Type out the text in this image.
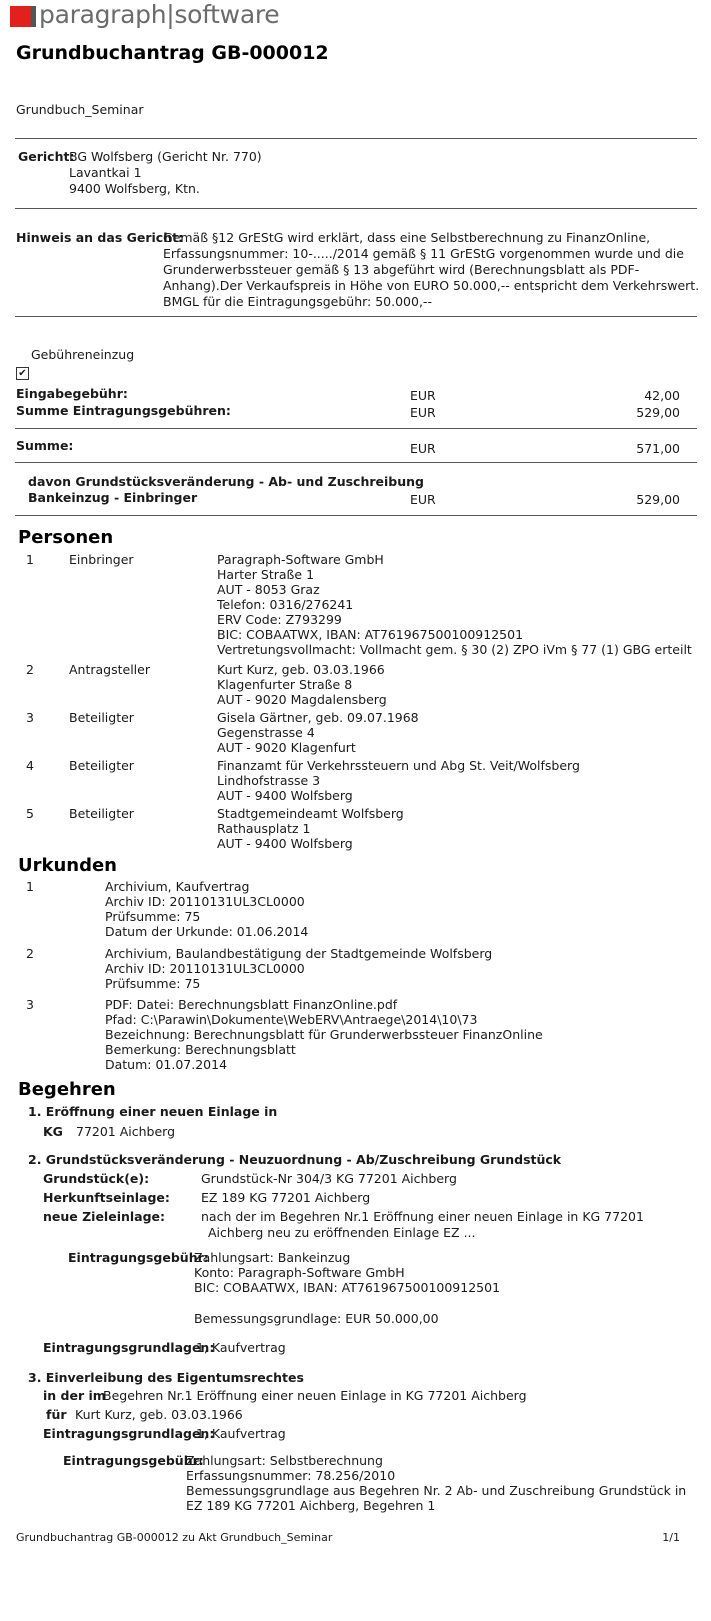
paragraph|software
Grundbuchantrag GB-000012
Grundbuch_Seminar
Gericht:
BG Wolfsberg (Gericht Nr. 770)
Lavantkai 1
9400 Wolfsberg, Ktn.
Hinweis an das Gericht:
Gemäß §12 GrEStG wird erklärt, dass eine Selbstberechnung zu FinanzOnline,
Erfassungsnummer: 10-...../2014 gemäß § 11 GrEStG vorgenommen wurde und die
Grunderwerbssteuer gemäß § 13 abgeführt wird (Berechnungsblatt als PDF-
Anhang).Der Verkaufspreis in Höhe von EURO 50.000,-- entspricht dem Verkehrswert.
BMGL für die Eintragungsgebühr: 50.000,--
✔
Gebühreneinzug
Eingabegebühr:	EUR	42,00
Summe Eintragungsgebühren:	EUR	529,00
Summe:	EUR	571,00
davon Grundstücksveränderung - Ab- und Zuschreibung
Bankeinzug - Einbringer	EUR	529,00
Personen
1	Einbringer	Paragraph-Software GmbH
Harter Straße 1
AUT - 8053 Graz
Telefon: 0316/276241
ERV Code: Z793299
BIC: COBAATWX, IBAN: AT761967500100912501
Vertretungsvollmacht: Vollmacht gem. § 30 (2) ZPO iVm § 77 (1) GBG erteilt
2	Antragsteller	Kurt Kurz, geb. 03.03.1966
Klagenfurter Straße 8
AUT - 9020 Magdalensberg
3	Beteiligter	Gisela Gärtner, geb. 09.07.1968
Gegenstrasse 4
AUT - 9020 Klagenfurt
4	Beteiligter	Finanzamt für Verkehrssteuern und Abg St. Veit/Wolfsberg
Lindhofstrasse 3
AUT - 9400 Wolfsberg
5	Beteiligter	Stadtgemeindeamt Wolfsberg
Rathausplatz 1
AUT - 9400 Wolfsberg
Urkunden
1	Archivium, Kaufvertrag
Archiv ID: 20110131UL3CL0000
Prüfsumme: 75
Datum der Urkunde: 01.06.2014
2	Archivium, Baulandbestätigung der Stadtgemeinde Wolfsberg
Archiv ID: 20110131UL3CL0000
Prüfsumme: 75
3	PDF: Datei: Berechnungsblatt FinanzOnline.pdf
Pfad: C:\Parawin\Dokumente\WebERV\Antraege\2014\10\73
Bezeichnung: Berechnungsblatt für Grunderwerbssteuer FinanzOnline
Bemerkung: Berechnungsblatt
Datum: 01.07.2014
Begehren
1. Eröffnung einer neuen Einlage in
KG 77201 Aichberg
2. Grundstücksveränderung - Neuzuordnung - Ab/Zuschreibung Grundstück
Grundstück(e):	Grundstück-Nr 304/3 KG 77201 Aichberg
Herkunftseinlage: EZ 189 KG 77201 Aichberg
neue Zieleinlage:	nach der im Begehren Nr.1 Eröffnung einer neuen Einlage in KG 77201
Aichberg neu zu eröffnenden Einlage EZ ...
Eintragungsgebühr:
Zahlungsart: Bankeinzug
Konto: Paragraph-Software GmbH
BIC: COBAATWX, IBAN: AT761967500100912501
Bemessungsgrundlage: EUR 50.000,00
Eintragungsgrundlagen:
1, Kaufvertrag
3. Einverleibung des Eigentumsrechtes
in der im
Begehren Nr.1 Eröffnung einer neuen Einlage in KG 77201 Aichberg
für Kurt Kurz, geb. 03.03.1966
Eintragungsgrundlagen:
1, Kaufvertrag
Eintragungsgebühr:
Zahlungsart: Selbstberechnung
Erfassungsnummer: 78.256/2010
Bemessungsgrundlage aus Begehren Nr. 2 Ab- und Zuschreibung Grundstück in
EZ 189 KG 77201 Aichberg, Begehren 1
Grundbuchantrag GB-000012 zu Akt Grundbuch_Seminar	1/1
